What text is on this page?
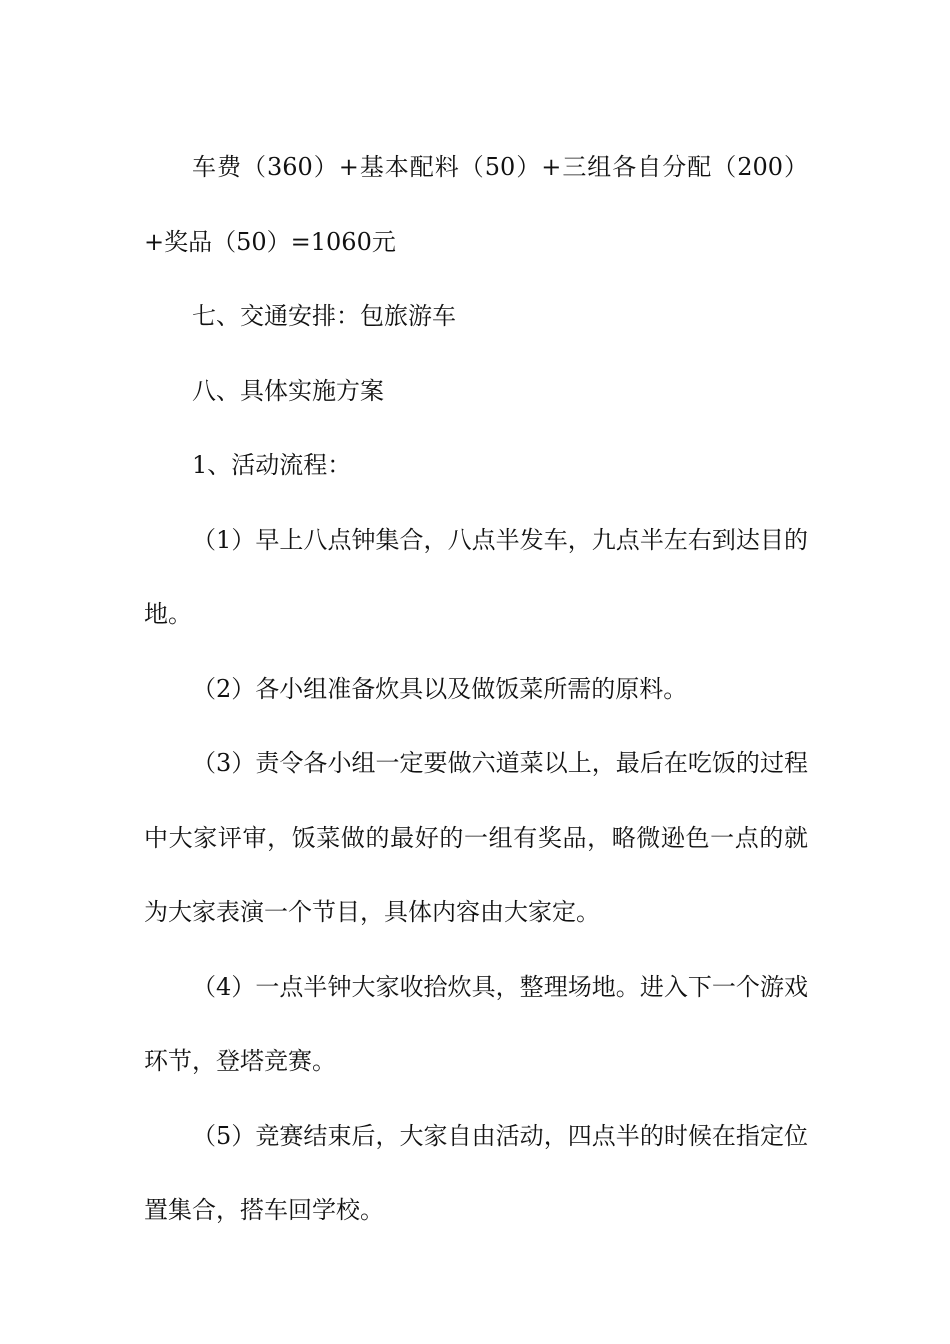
车费（360）+基本配料（50）+三组各自分配（200）+奖品（50）=1060元

七、交通安排：包旅游车

八、具体实施方案

1、活动流程：

（1）早上八点钟集合，八点半发车，九点半左右到达目的地。

（2）各小组准备炊具以及做饭菜所需的原料。

（3）责令各小组一定要做六道菜以上，最后在吃饭的过程中大家评审，饭菜做的最好的一组有奖品，略微逊色一点的就为大家表演一个节目，具体内容由大家定。

（4）一点半钟大家收拾炊具，整理场地。进入下一个游戏环节，登塔竞赛。

（5）竞赛结束后，大家自由活动，四点半的时候在指定位置集合，搭车回学校。
